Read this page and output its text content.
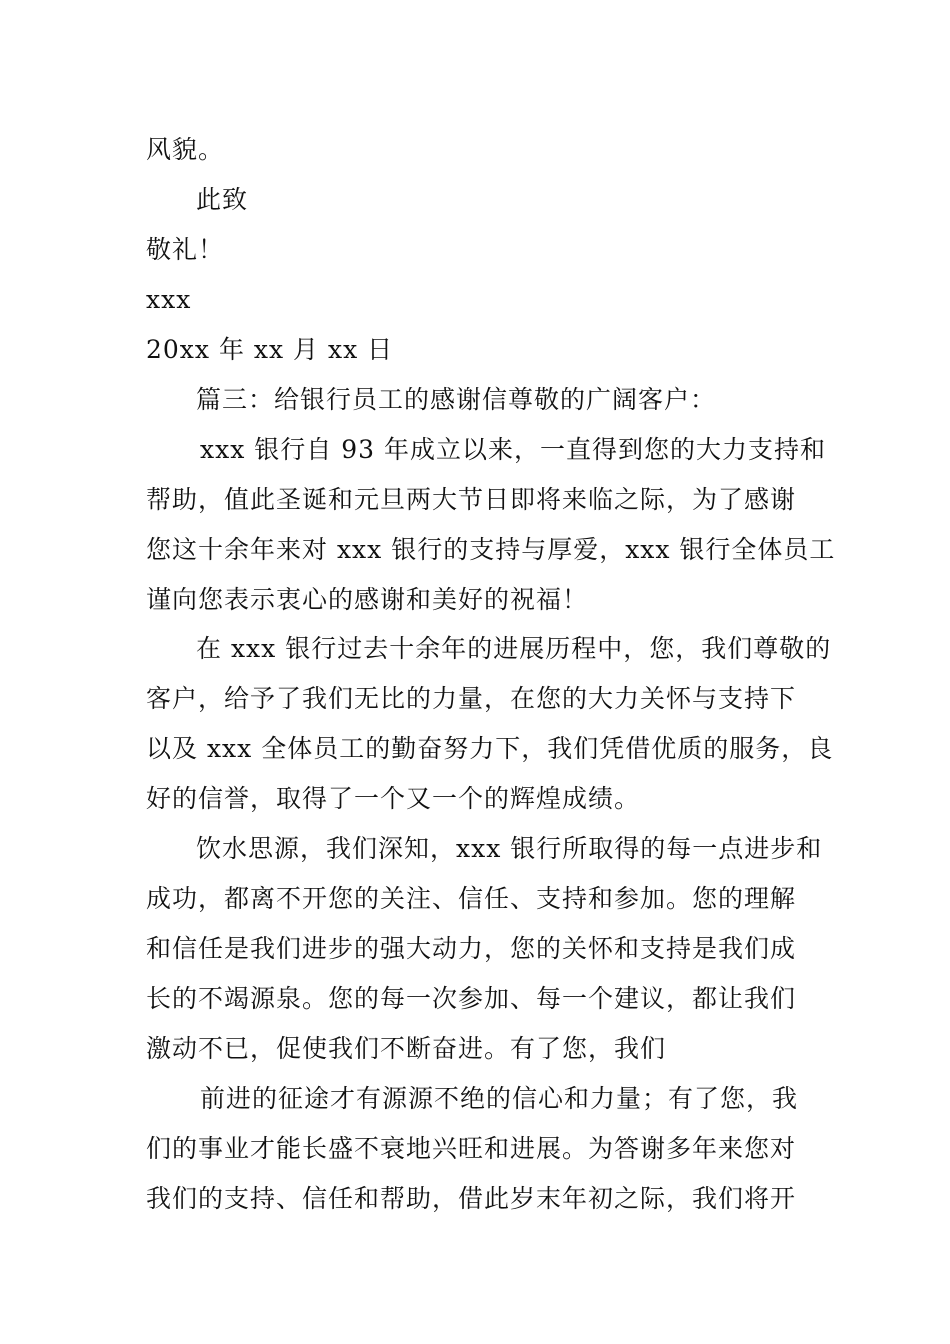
风貌。
此致
敬礼！
xxx
20xx 年 xx 月 xx 日
篇三：给银行员工的感谢信尊敬的广阔客户：
xxx 银行自 93 年成立以来，一直得到您的大力支持和
帮助，值此圣诞和元旦两大节日即将来临之际，为了感谢
您这十余年来对 xxx 银行的支持与厚爱，xxx 银行全体员工
谨向您表示衷心的感谢和美好的祝福！
在 xxx 银行过去十余年的进展历程中，您，我们尊敬的
客户，给予了我们无比的力量，在您的大力关怀与支持下
以及 xxx 全体员工的勤奋努力下，我们凭借优质的服务，良
好的信誉，取得了一个又一个的辉煌成绩。
饮水思源，我们深知，xxx 银行所取得的每一点进步和
成功，都离不开您的关注、信任、支持和参加。您的理解
和信任是我们进步的强大动力，您的关怀和支持是我们成
长的不竭源泉。您的每一次参加、每一个建议，都让我们
激动不已，促使我们不断奋进。有了您，我们
前进的征途才有源源不绝的信心和力量；有了您，我
们的事业才能长盛不衰地兴旺和进展。为答谢多年来您对
我们的支持、信任和帮助，借此岁末年初之际，我们将开
